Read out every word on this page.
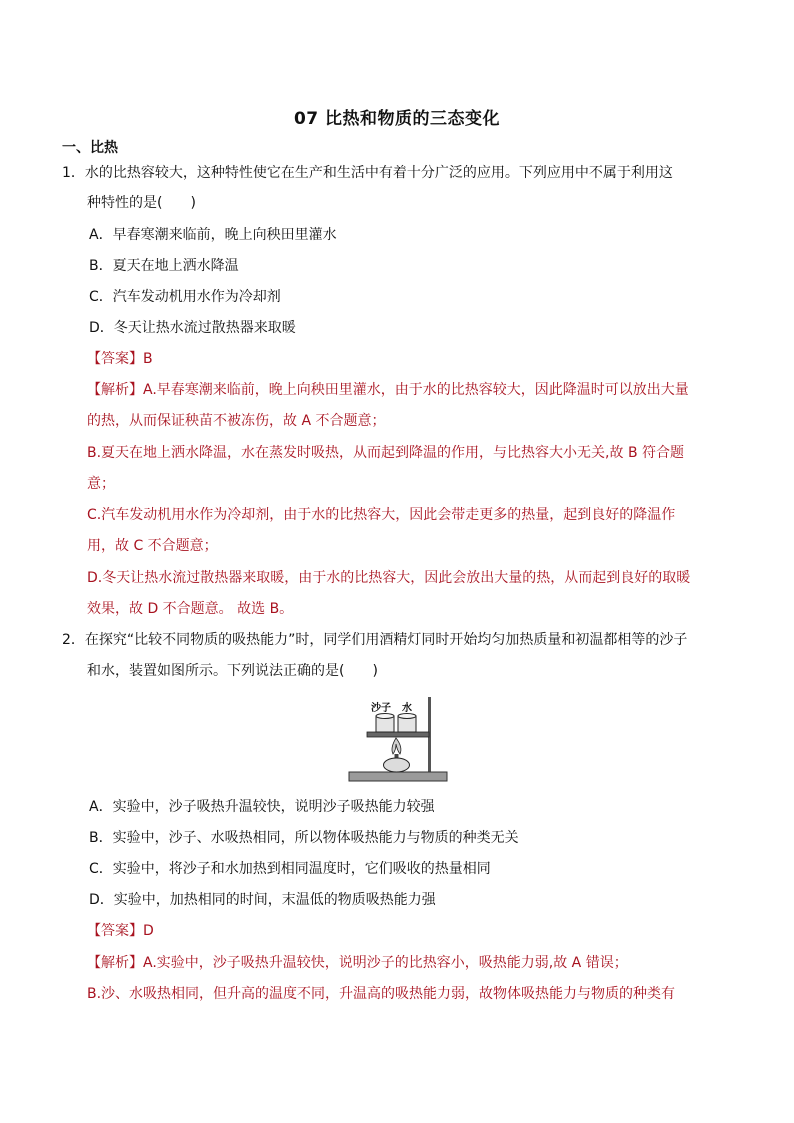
07 比热和物质的三态变化
一、比热
1．水的比热容较大，这种特性使它在生产和生活中有着十分广泛的应用。下列应用中不属于利用这
种特性的是(　　)
A．早春寒潮来临前，晚上向秧田里灌水
B．夏天在地上洒水降温
C．汽车发动机用水作为冷却剂
D．冬天让热水流过散热器来取暖
【答案】B
【解析】A.早春寒潮来临前，晚上向秧田里灌水，由于水的比热容较大，因此降温时可以放出大量
的热，从而保证秧苗不被冻伤，故 A 不合题意；
B.夏天在地上洒水降温，水在蒸发时吸热，从而起到降温的作用，与比热容大小无关,故 B 符合题
意；
C.汽车发动机用水作为冷却剂，由于水的比热容大，因此会带走更多的热量，起到良好的降温作
用，故 C 不合题意；
D.冬天让热水流过散热器来取暖，由于水的比热容大，因此会放出大量的热，从而起到良好的取暖
效果，故 D 不合题意。 故选 B。
2．在探究“比较不同物质的吸热能力”时，同学们用酒精灯同时开始均匀加热质量和初温都相等的沙子
和水，装置如图所示。下列说法正确的是(　　)
沙子 水
A．实验中，沙子吸热升温较快，说明沙子吸热能力较强
B．实验中，沙子、水吸热相同，所以物体吸热能力与物质的种类无关
C．实验中，将沙子和水加热到相同温度时，它们吸收的热量相同
D．实验中，加热相同的时间，末温低的物质吸热能力强
【答案】D
【解析】A.实验中，沙子吸热升温较快，说明沙子的比热容小，吸热能力弱,故 A 错误；
B.沙、水吸热相同，但升高的温度不同，升温高的吸热能力弱，故物体吸热能力与物质的种类有
